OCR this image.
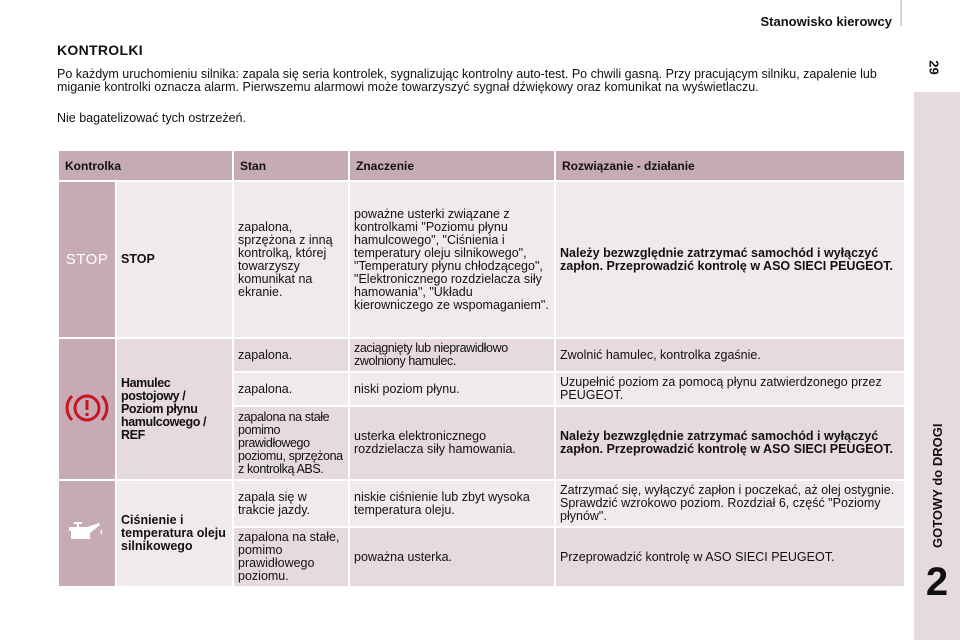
Stanowisko kierowcy
29
GOTOWY do DROGI
2
KONTROLKI

Po każdym uruchomieniu silnika: zapala się seria kontrolek, sygnalizując kontrolny auto-test. Po chwili gasną. Przy pracującym silniku, zapalenie lub miganie kontrolki oznacza alarm. Pierwszemu alarmowi może towarzyszyć sygnał dźwiękowy oraz komunikat na wyświetlaczu.

Nie bagatelizować tych ostrzeżeń.

Kontrolka		Stan	Znaczenie	Rozwiązanie - działanie
STOP	STOP	zapalona, sprzężona z inną kontrolką, której towarzyszy komunikat na ekranie.	poważne usterki związane z kontrolkami "Poziomu płynu hamulcowego", "Ciśnienia i temperatury oleju silnikowego", "Temperatury płynu chłodzącego", "Elektronicznego rozdzielacza siły hamowania", "Układu kierowniczego ze wspomaganiem".	Należy bezwzględnie zatrzymać samochód i wyłączyć zapłon. Przeprowadzić kontrolę w ASO SIECI PEUGEOT.
	Hamulec postojowy / Poziom płynu hamulcowego / REF	zapalona.	zaciągnięty lub nieprawidłowo zwolniony hamulec.	Zwolnić hamulec, kontrolka zgaśnie.
		zapalona.	niski poziom płynu.	Uzupełnić poziom za pomocą płynu zatwierdzonego przez PEUGEOT.
		zapalona na stałe pomimo prawidłowego poziomu, sprzężona z kontrolką ABS.	usterka elektronicznego rozdzielacza siły hamowania.	Należy bezwzględnie zatrzymać samochód i wyłączyć zapłon. Przeprowadzić kontrolę w ASO SIECI PEUGEOT.
	Ciśnienie i temperatura oleju silnikowego	zapala się w trakcie jazdy.	niskie ciśnienie lub zbyt wysoka temperatura oleju.	Zatrzymać się, wyłączyć zapłon i poczekać, aż olej ostygnie. Sprawdzić wzrokowo poziom. Rozdział 6, część "Poziomy płynów".
		zapalona na stałe, pomimo prawidłowego poziomu.	poważna usterka.	Przeprowadzić kontrolę w ASO SIECI PEUGEOT.
